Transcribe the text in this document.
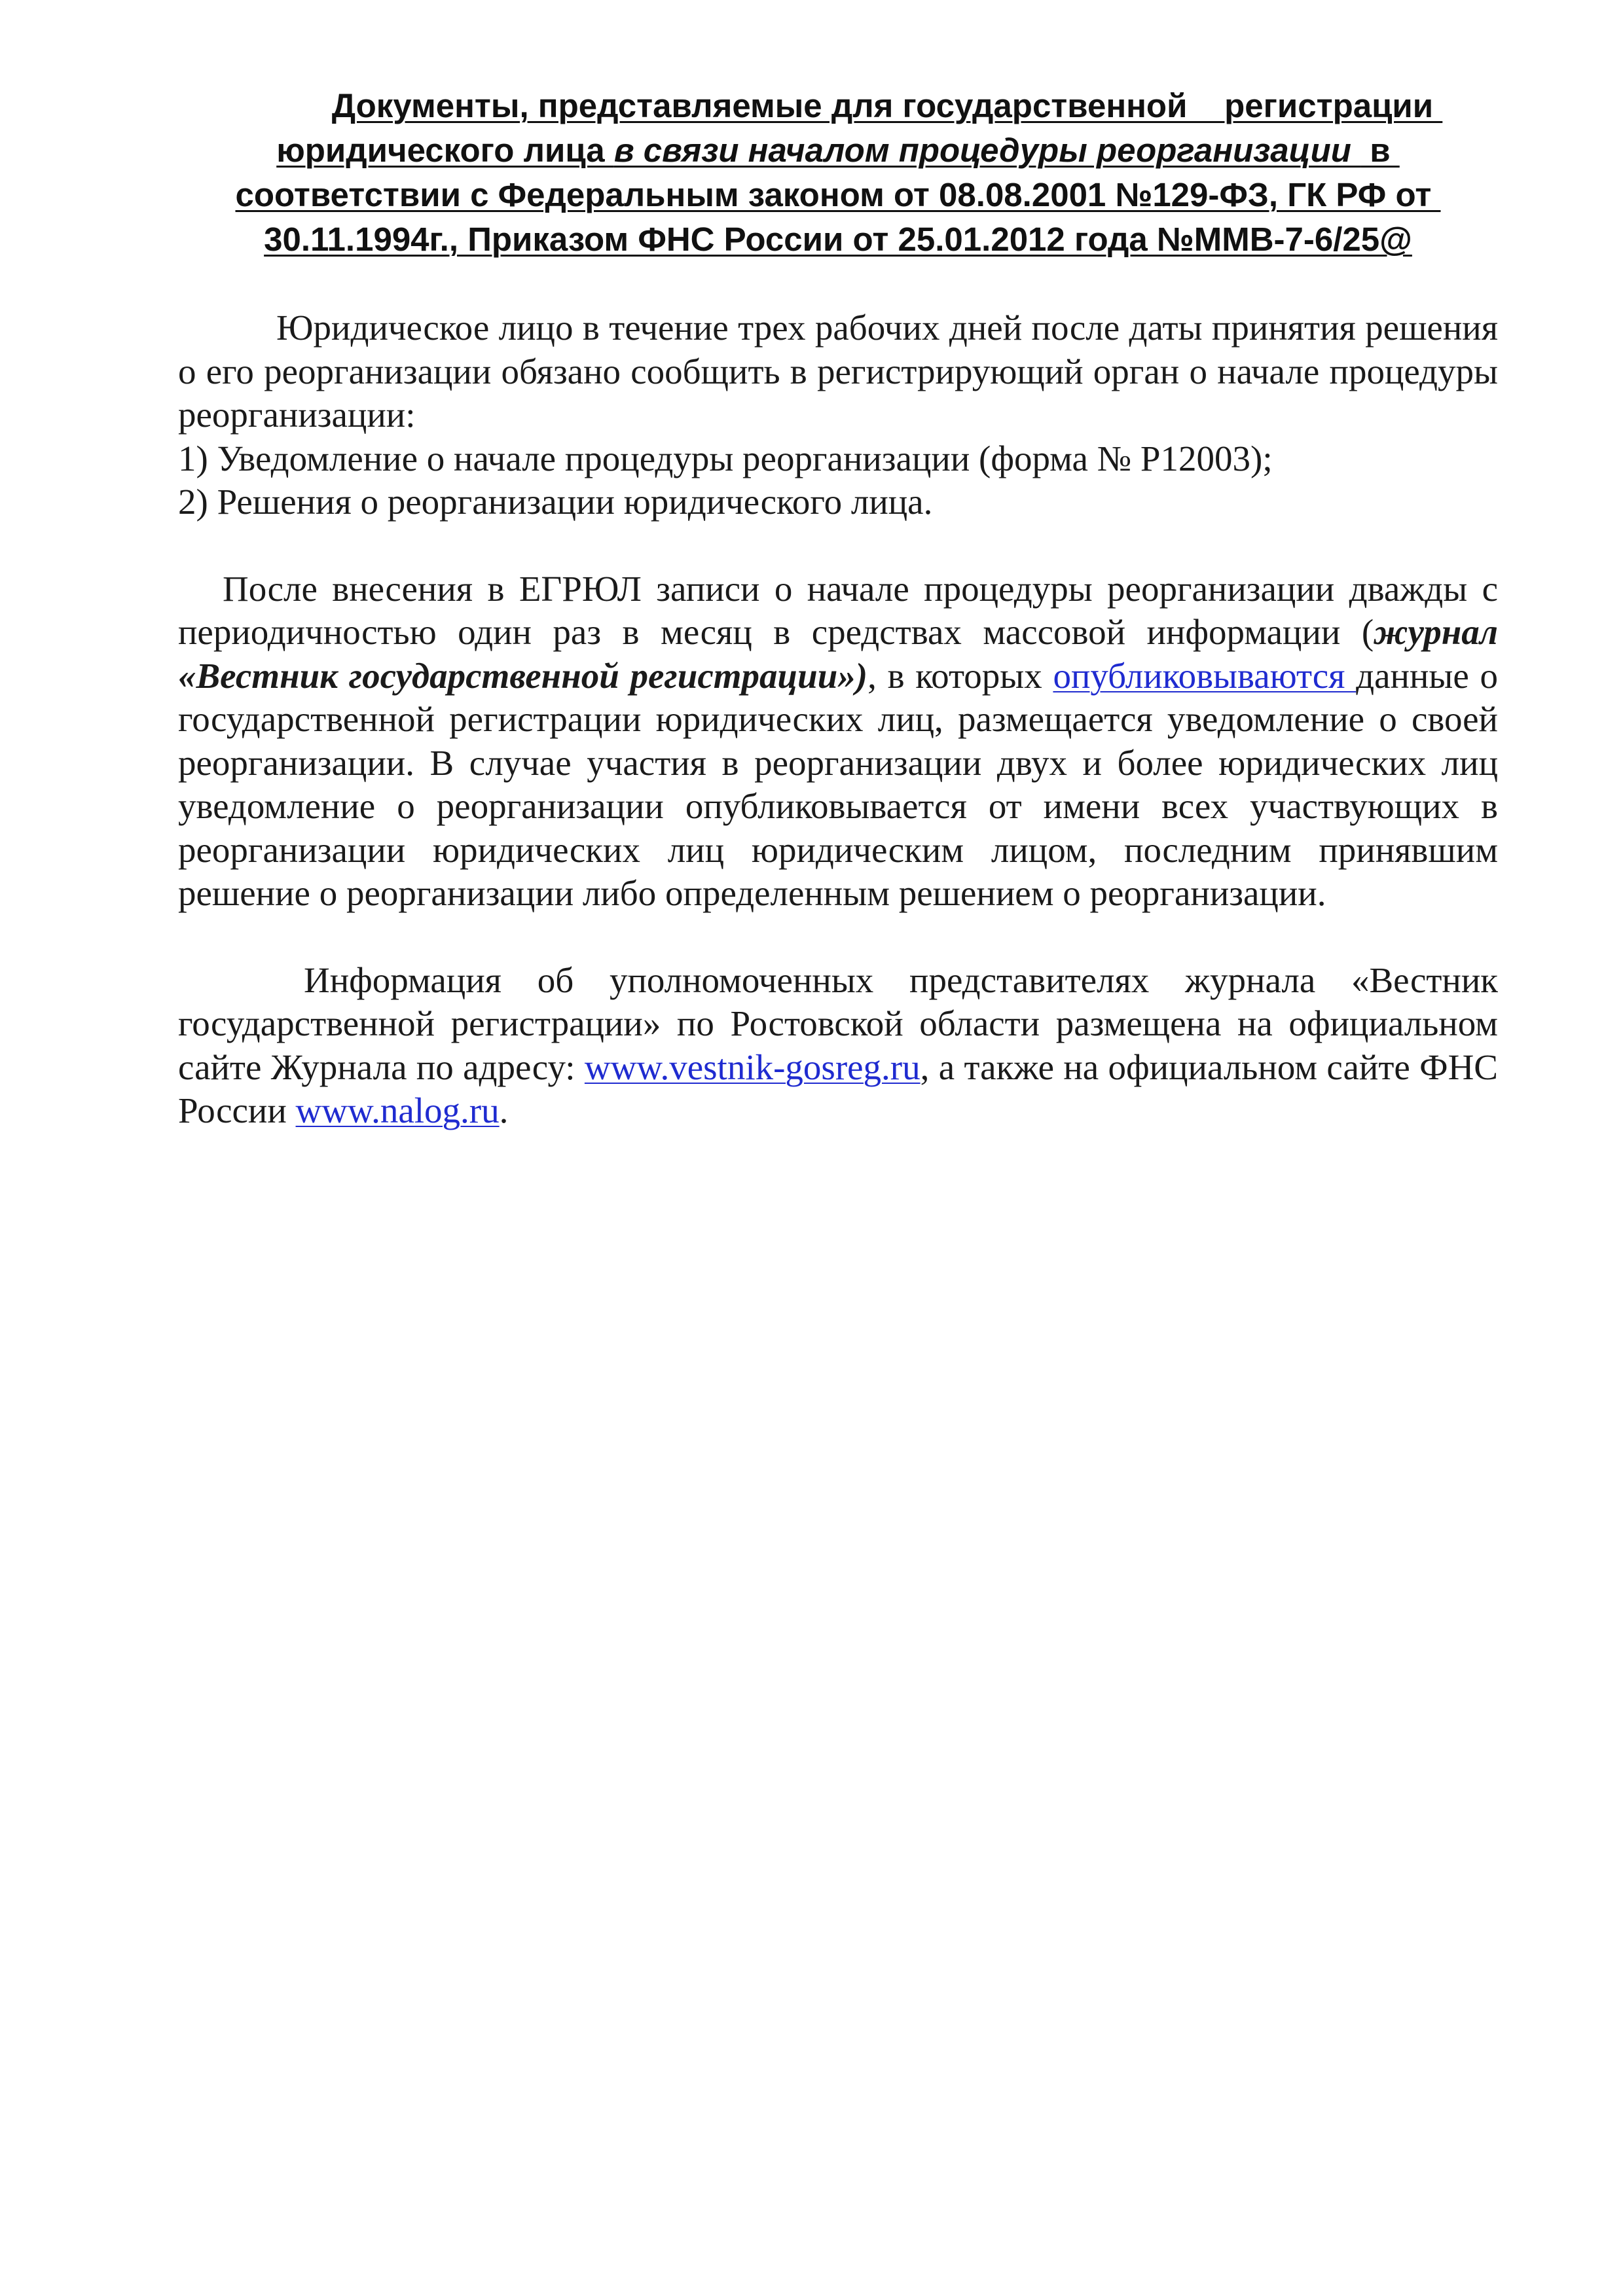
Документы, представляемые для государственной    регистрации
юридического лица в связи началом процедуры реорганизации  в
соответствии с Федеральным законом от 08.08.2001 №129-ФЗ, ГК РФ от
30.11.1994г., Приказом ФНС России от 25.01.2012 года №ММВ-7-6/25@

Юридическое лицо в течение трех рабочих дней после даты принятия решения о его реорганизации обязано сообщить в регистрирующий орган о начале процедуры реорганизации:

1) Уведомление о начале процедуры реорганизации (форма № Р12003);

2) Решения о реорганизации юридического лица.

После внесения в ЕГРЮЛ записи о начале процедуры реорганизации дважды с периодичностью один раз в месяц в средствах массовой информации (журнал «Вестник государственной регистрации»), в которых опубликовываются данные о государственной регистрации юридических лиц, размещается уведомление о своей реорганизации. В случае участия в реорганизации двух и более юридических лиц уведомление о реорганизации опубликовывается от имени всех участвующих в реорганизации юридических лиц юридическим лицом, последним принявшим решение о реорганизации либо определенным решением о реорганизации.

Информация об уполномоченных представителях журнала «Вестник государственной регистрации» по Ростовской области размещена на официальном сайте Журнала по адресу: www.vestnik-gosreg.ru, а также на официальном сайте ФНС России www.nalog.ru.
